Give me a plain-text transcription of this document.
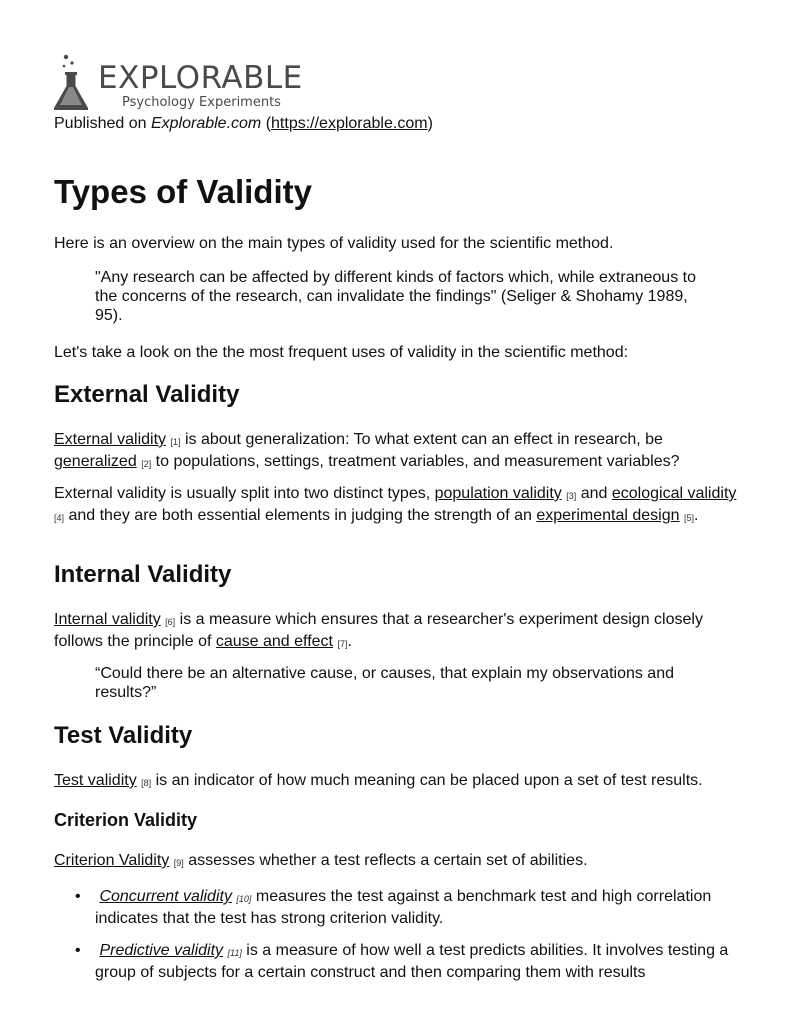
EXPLORABLE
Psychology Experiments
Published on Explorable.com (https://explorable.com)
Types of Validity

Here is an overview on the main types of validity used for the scientific method.

"Any research can be affected by different kinds of factors which, while extraneous to the concerns of the research, can invalidate the findings" (Seliger & Shohamy 1989, 95).

Let's take a look on the the most frequent uses of validity in the scientific method:

External Validity

External validity [1] is about generalization: To what extent can an effect in research, be generalized [2] to populations, settings, treatment variables, and measurement variables?

External validity is usually split into two distinct types, population validity [3] and ecological validity [4] and they are both essential elements in judging the strength of an experimental design [5].

Internal Validity

Internal validity [6] is a measure which ensures that a researcher's experiment design closely follows the principle of cause and effect [7].

“Could there be an alternative cause, or causes, that explain my observations and results?”

Test Validity

Test validity [8] is an indicator of how much meaning can be placed upon a set of test results.

Criterion Validity

Criterion Validity [9] assesses whether a test reflects a certain set of abilities.

• Concurrent validity [10] measures the test against a benchmark test and high correlation indicates that the test has strong criterion validity.

• Predictive validity [11] is a measure of how well a test predicts abilities. It involves testing a group of subjects for a certain construct and then comparing them with results
